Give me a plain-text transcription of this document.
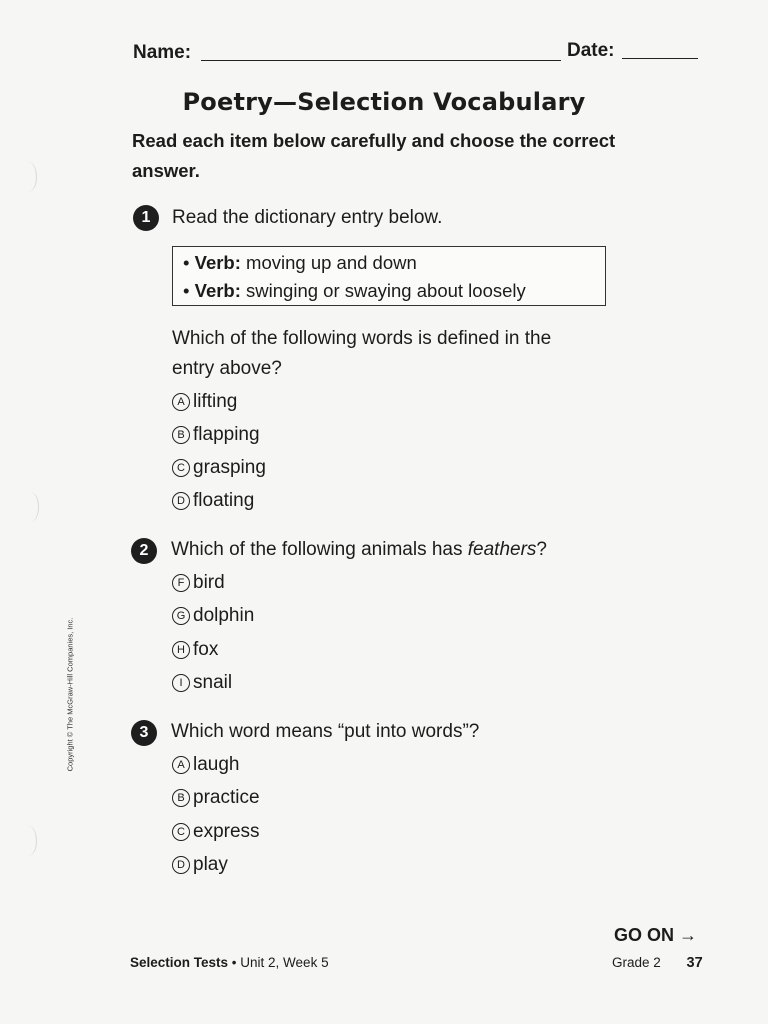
Name:	Date:
Poetry—Selection Vocabulary
Read each item below carefully and choose the correct answer.
1	Read the dictionary entry below.
• Verb: moving up and down
• Verb: swinging or swaying about loosely
Which of the following words is defined in the
entry above?
A lifting
B flapping
C grasping
D floating
2	Which of the following animals has feathers?
F bird
G dolphin
H fox
I snail
3	Which word means “put into words”?
A laugh
B practice
C express
D play
Copyright © The McGraw-Hill Companies, Inc.
GO ON →
Selection Tests • Unit 2, Week 5	Grade 2 37
